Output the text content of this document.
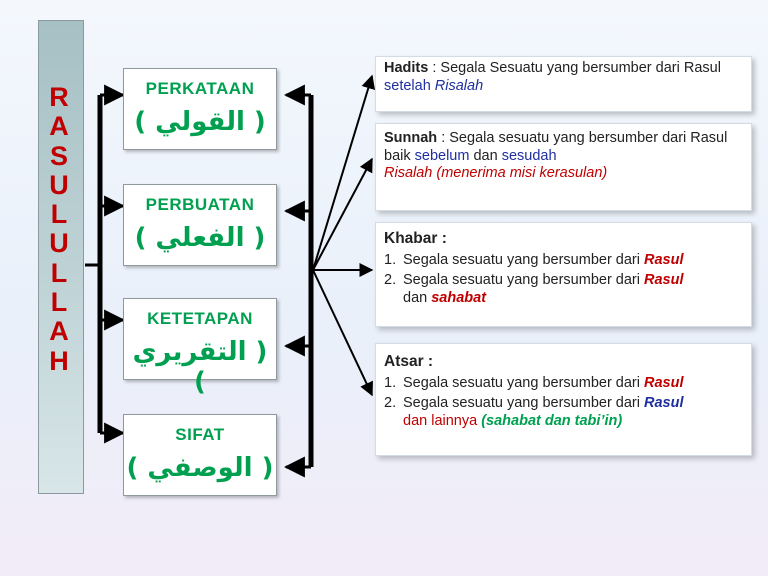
R
A
S
U
L
U
L
L
A
H
PERKATAAN
( القولي )
PERBUATAN
( الفعلي )
KETETAPAN
( التقريري )
SIFAT
( الوصفي )

Hadits : Segala Sesuatu yang bersumber dari Rasul setelah Risalah

Sunnah : Segala sesuatu yang bersumber dari Rasul baik sebelum dan sesudah

Risalah (menerima misi kerasulan)

Khabar :
1. Segala sesuatu yang bersumber dari Rasul
2. Segala sesuatu yang bersumber dari Rasul
dan sahabat
Atsar :
1. Segala sesuatu yang bersumber dari Rasul
2. Segala sesuatu yang bersumber dari Rasul
dan lainnya (sahabat dan tabi’in)
